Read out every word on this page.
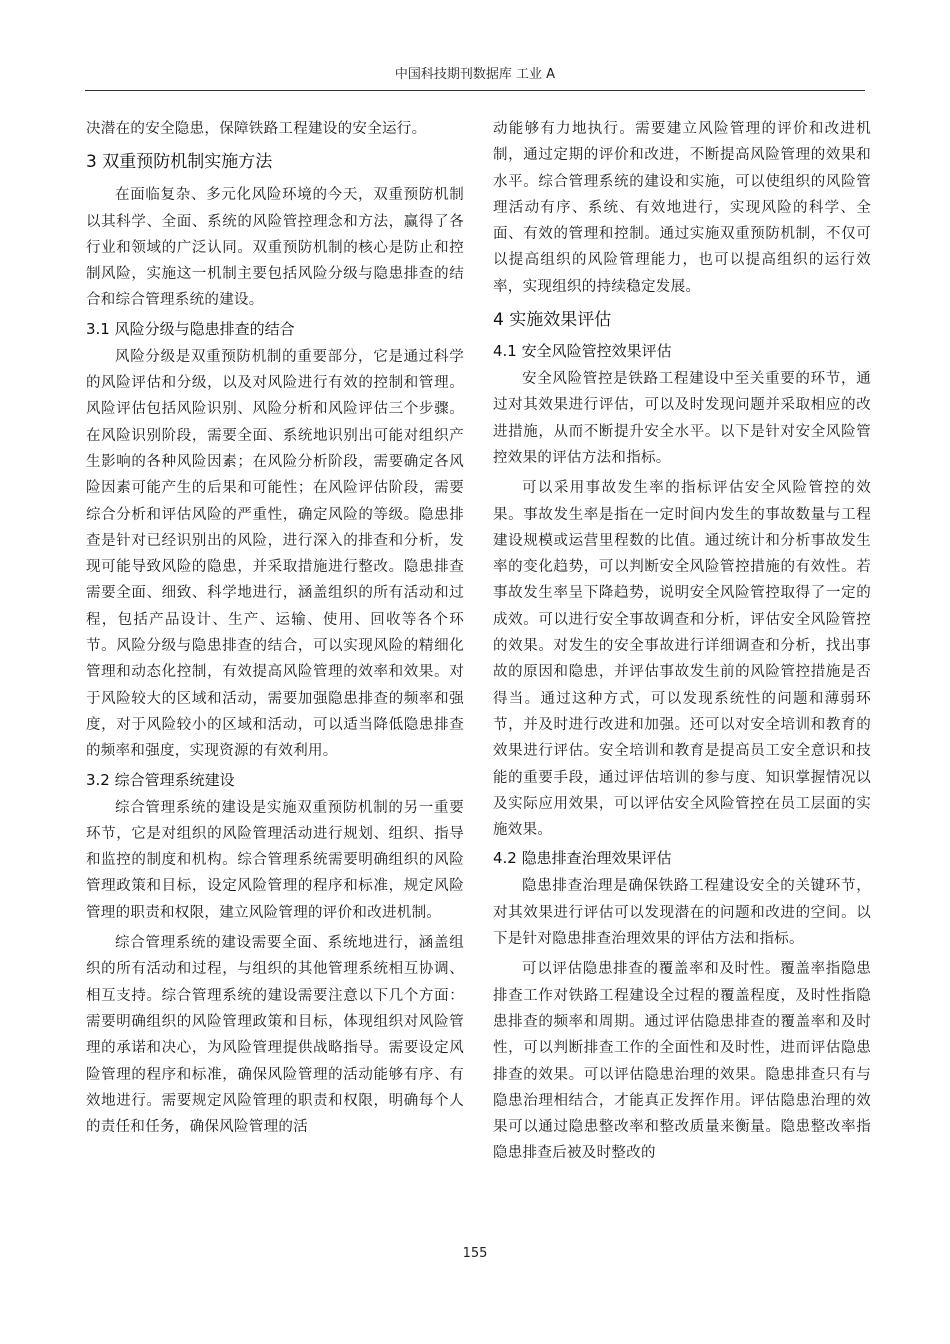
中国科技期刊数据库 工业 A

决潜在的安全隐患，保障铁路工程建设的安全运行。

3 双重预防机制实施方法

在面临复杂、多元化风险环境的今天，双重预防机制以其科学、全面、系统的风险管控理念和方法，赢得了各行业和领域的广泛认同。双重预防机制的核心是防止和控制风险，实施这一机制主要包括风险分级与隐患排查的结合和综合管理系统的建设。

3.1 风险分级与隐患排查的结合

风险分级是双重预防机制的重要部分，它是通过科学的风险评估和分级，以及对风险进行有效的控制和管理。风险评估包括风险识别、风险分析和风险评估三个步骤。在风险识别阶段，需要全面、系统地识别出可能对组织产生影响的各种风险因素；在风险分析阶段，需要确定各风险因素可能产生的后果和可能性；在风险评估阶段，需要综合分析和评估风险的严重性，确定风险的等级。隐患排查是针对已经识别出的风险，进行深入的排查和分析，发现可能导致风险的隐患，并采取措施进行整改。隐患排查需要全面、细致、科学地进行，涵盖组织的所有活动和过程，包括产品设计、生产、运输、使用、回收等各个环节。风险分级与隐患排查的结合，可以实现风险的精细化管理和动态化控制，有效提高风险管理的效率和效果。对于风险较大的区域和活动，需要加强隐患排查的频率和强度，对于风险较小的区域和活动，可以适当降低隐患排查的频率和强度，实现资源的有效利用。

3.2 综合管理系统建设

综合管理系统的建设是实施双重预防机制的另一重要环节，它是对组织的风险管理活动进行规划、组织、指导和监控的制度和机构。综合管理系统需要明确组织的风险管理政策和目标，设定风险管理的程序和标准，规定风险管理的职责和权限，建立风险管理的评价和改进机制。

综合管理系统的建设需要全面、系统地进行，涵盖组织的所有活动和过程，与组织的其他管理系统相互协调、相互支持。综合管理系统的建设需要注意以下几个方面：需要明确组织的风险管理政策和目标，体现组织对风险管理的承诺和决心，为风险管理提供战略指导。需要设定风险管理的程序和标准，确保风险管理的活动能够有序、有效地进行。需要规定风险管理的职责和权限，明确每个人的责任和任务，确保风险管理的活

动能够有力地执行。需要建立风险管理的评价和改进机制，通过定期的评价和改进，不断提高风险管理的效果和水平。综合管理系统的建设和实施，可以使组织的风险管理活动有序、系统、有效地进行，实现风险的科学、全面、有效的管理和控制。通过实施双重预防机制，不仅可以提高组织的风险管理能力，也可以提高组织的运行效率，实现组织的持续稳定发展。

4 实施效果评估
4.1 安全风险管控效果评估

安全风险管控是铁路工程建设中至关重要的环节，通过对其效果进行评估，可以及时发现问题并采取相应的改进措施，从而不断提升安全水平。以下是针对安全风险管控效果的评估方法和指标。

可以采用事故发生率的指标评估安全风险管控的效果。事故发生率是指在一定时间内发生的事故数量与工程建设规模或运营里程数的比值。通过统计和分析事故发生率的变化趋势，可以判断安全风险管控措施的有效性。若事故发生率呈下降趋势，说明安全风险管控取得了一定的成效。可以进行安全事故调查和分析，评估安全风险管控的效果。对发生的安全事故进行详细调查和分析，找出事故的原因和隐患，并评估事故发生前的风险管控措施是否得当。通过这种方式，可以发现系统性的问题和薄弱环节，并及时进行改进和加强。还可以对安全培训和教育的效果进行评估。安全培训和教育是提高员工安全意识和技能的重要手段，通过评估培训的参与度、知识掌握情况以及实际应用效果，可以评估安全风险管控在员工层面的实施效果。

4.2 隐患排查治理效果评估

隐患排查治理是确保铁路工程建设安全的关键环节，对其效果进行评估可以发现潜在的问题和改进的空间。以下是针对隐患排查治理效果的评估方法和指标。

可以评估隐患排查的覆盖率和及时性。覆盖率指隐患排查工作对铁路工程建设全过程的覆盖程度，及时性指隐患排查的频率和周期。通过评估隐患排查的覆盖率和及时性，可以判断排查工作的全面性和及时性，进而评估隐患排查的效果。可以评估隐患治理的效果。隐患排查只有与隐患治理相结合，才能真正发挥作用。评估隐患治理的效果可以通过隐患整改率和整改质量来衡量。隐患整改率指隐患排查后被及时整改的

155
